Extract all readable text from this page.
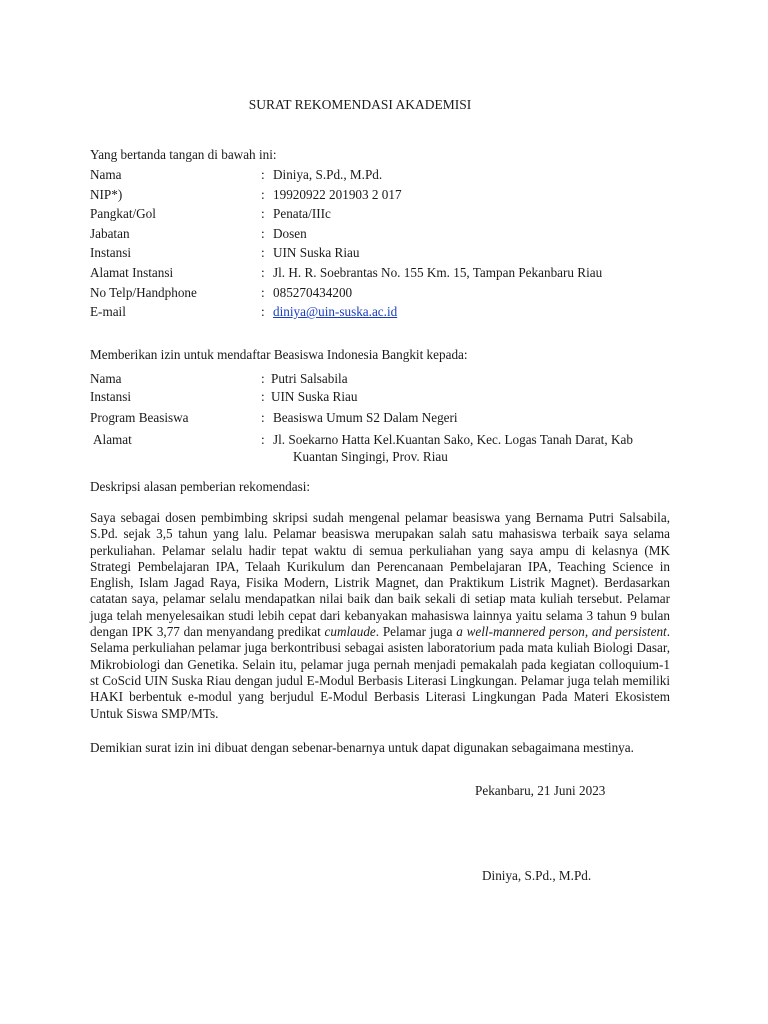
SURAT REKOMENDASI AKADEMISI
Yang bertanda tangan di bawah ini:
Nama	: Diniya, S.Pd., M.Pd.
NIP*)	: 19920922 201903 2 017
Pangkat/Gol	: Penata/IIIc
Jabatan	: Dosen
Instansi	: UIN Suska Riau
Alamat Instansi	: Jl. H. R. Soebrantas No. 155 Km. 15, Tampan Pekanbaru Riau
No Telp/Handphone	: 085270434200
E-mail	: diniya@uin-suska.ac.id
Memberikan izin untuk mendaftar Beasiswa Indonesia Bangkit kepada:
Nama	: Putri Salsabila
Instansi	: UIN Suska Riau
Program Beasiswa	: Beasiswa Umum S2 Dalam Negeri
Alamat	: Jl. Soekarno Hatta Kel.Kuantan Sako, Kec. Logas Tanah Darat, Kab
Kuantan Singingi, Prov. Riau
Deskripsi alasan pemberian rekomendasi:
Saya sebagai dosen pembimbing skripsi sudah mengenal pelamar beasiswa yang Bernama Putri Salsabila, S.Pd. sejak 3,5 tahun yang lalu. Pelamar beasiswa merupakan salah satu mahasiswa terbaik saya selama perkuliahan. Pelamar selalu hadir tepat waktu di semua perkuliahan yang saya ampu di kelasnya (MK Strategi Pembelajaran IPA, Telaah Kurikulum dan Perencanaan Pembelajaran IPA, Teaching Science in English, Islam Jagad Raya, Fisika Modern, Listrik Magnet, dan Praktikum Listrik Magnet). Berdasarkan catatan saya, pelamar selalu mendapatkan nilai baik dan baik sekali di setiap mata kuliah tersebut. Pelamar juga telah menyelesaikan studi lebih cepat dari kebanyakan mahasiswa lainnya yaitu selama 3 tahun 9 bulan dengan IPK 3,77 dan menyandang predikat cumlaude. Pelamar juga a well-mannered person, and persistent. Selama perkuliahan pelamar juga berkontribusi sebagai asisten laboratorium pada mata kuliah Biologi Dasar, Mikrobiologi dan Genetika. Selain itu, pelamar juga pernah menjadi pemakalah pada kegiatan colloquium-1 st CoScid UIN Suska Riau dengan judul E-Modul Berbasis Literasi Lingkungan. Pelamar juga telah memiliki HAKI berbentuk e-modul yang berjudul E-Modul Berbasis Literasi Lingkungan Pada Materi Ekosistem Untuk Siswa SMP/MTs.
Demikian surat izin ini dibuat dengan sebenar-benarnya untuk dapat digunakan sebagaimana mestinya.
Pekanbaru, 21 Juni 2023
Diniya, S.Pd., M.Pd.
